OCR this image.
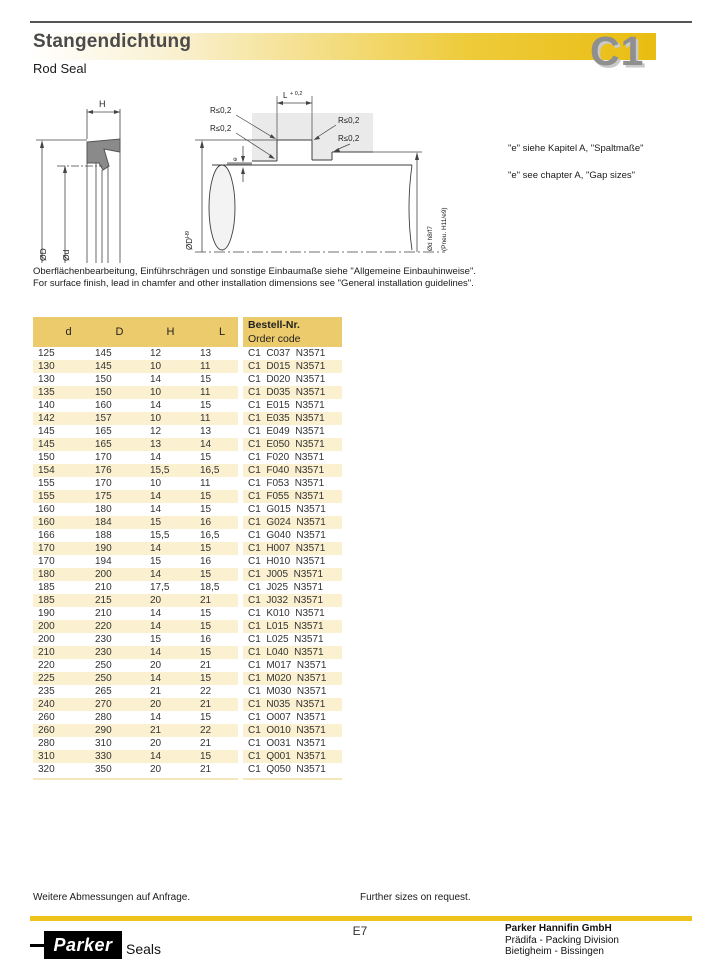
Stangendichtung
Rod Seal	C1
H
ØD Ød
L + 0,2
R≤0,2
R≤0,2
R≤0,2
R≤0,2
e
$ØD^{H9}$	Ød h8/f7 (Pneu. H11/e9)
"e" siehe Kapitel A, "Spaltmaße"
"e" see chapter A, "Gap sizes"
Oberflächenbearbeitung, Einführschrägen und sonstige Einbaumaße siehe "Allgemeine Einbauhinweise".
For surface finish, lead in chamfer and other installation dimensions see "General installation guidelines".
d	D	H	L
Bestell-Nr.
Order code
125	145	12	13	C1  C037  N3571
130	145	10	11	C1  D015  N3571
130	150	14	15	C1  D020  N3571
135	150	10	11	C1  D035  N3571
140	160	14	15	C1  E015  N3571
142	157	10	11	C1  E035  N3571
145	165	12	13	C1  E049  N3571
145	165	13	14	C1  E050  N3571
150	170	14	15	C1  F020  N3571
154	176	15,5	16,5	C1  F040  N3571
155	170	10	11	C1  F053  N3571
155	175	14	15	C1  F055  N3571
160	180	14	15	C1  G015  N3571
160	184	15	16	C1  G024  N3571
166	188	15,5	16,5	C1  G040  N3571
170	190	14	15	C1  H007  N3571
170	194	15	16	C1  H010  N3571
180	200	14	15	C1  J005  N3571
185	210	17,5	18,5	C1  J025  N3571
185	215	20	21	C1  J032  N3571
190	210	14	15	C1  K010  N3571
200	220	14	15	C1  L015  N3571
200	230	15	16	C1  L025  N3571
210	230	14	15	C1  L040  N3571
220	250	20	21	C1  M017  N3571
225	250	14	15	C1  M020  N3571
235	265	21	22	C1  M030  N3571
240	270	20	21	C1  N035  N3571
260	280	14	15	C1  O007  N3571
260	290	21	22	C1  O010  N3571
280	310	20	21	C1  O031  N3571
310	330	14	15	C1  Q001  N3571
320	350	20	21	C1  Q050  N3571
Weitere Abmessungen auf Anfrage.	Further sizes on request.
E7
Parker Seals
Parker Hannifin GmbH
Prädifa - Packing Division
Bietigheim - Bissingen
